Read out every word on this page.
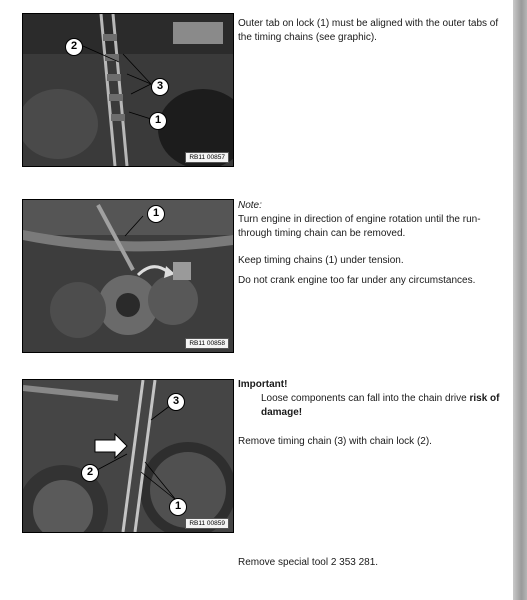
2
3
1
RB11 00857

Outer tab on lock (1) must be aligned with the outer tabs of the timing chains (see graphic).

1
RB11 00858
Note:
Turn engine in direction of engine rotation until the run-through timing chain can be removed.
Keep timing chains (1) under tension.
Do not crank engine too far under any circumstances.
3
2
1
RB11 00859
Important!
Loose components can fall into the chain drive risk of damage!
Remove timing chain (3) with chain lock (2).

Remove special tool 2 353 281.
